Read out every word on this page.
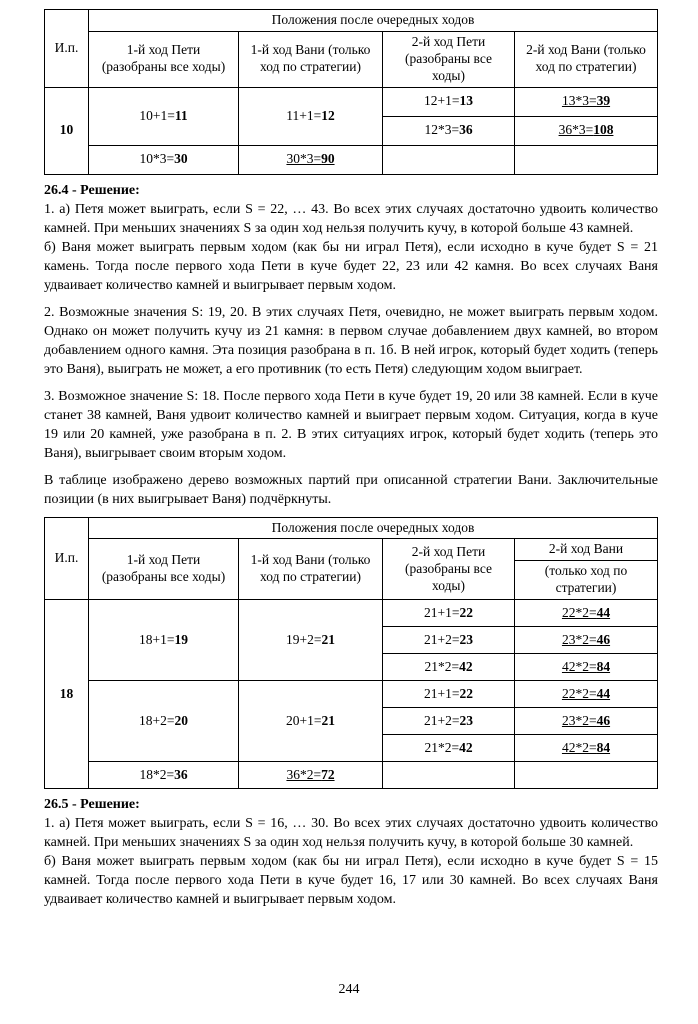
И.п.	Положения после очередных ходов			
	1-й ход Пети (разобраны все ходы)	1-й ход Вани (только ход по стратегии)	2-й ход Пети (разобраны все ходы)	2-й ход Вани (только ход по стратегии)
10	10+1=11	11+1=12	12+1=13	13*3=39
			12*3=36	36*3=108
	10*3=30	30*3=90		
26.4 - Решение:

1. а) Петя может выиграть, если S = 22, … 43. Во всех этих случаях достаточно удвоить количество камней. При меньших значениях S за один ход нельзя получить кучу, в которой больше 43 камней.

б) Ваня может выиграть первым ходом (как бы ни играл Петя), если исходно в куче будет S = 21 камень. Тогда после первого хода Пети в куче будет 22, 23 или 42 камня. Во всех случаях Ваня удваивает количество камней и выигрывает первым ходом.

2. Возможные значения S: 19, 20. В этих случаях Петя, очевидно, не может выиграть первым ходом. Однако он может получить кучу из 21 камня: в первом случае добавлением двух камней, во втором добавлением одного камня. Эта позиция разобрана в п. 1б. В ней игрок, который будет ходить (теперь это Ваня), выиграть не может, а его противник (то есть Петя) следующим ходом выиграет.

3. Возможное значение S: 18. После первого хода Пети в куче будет 19, 20 или 38 камней. Если в куче станет 38 камней, Ваня удвоит количество камней и выиграет первым ходом. Ситуация, когда в куче 19 или 20 камней, уже разобрана в п. 2. В этих ситуациях игрок, который будет ходить (теперь это Ваня), выигрывает своим вторым ходом.

В таблице изображено дерево возможных партий при описанной стратегии Вани. Заключительные позиции (в них выигрывает Ваня) подчёркнуты.

И.п.	Положения после очередных ходов			
	1-й ход Пети (разобраны все ходы)	1-й ход Вани (только ход по стратегии)	2-й ход Пети (разобраны все ходы)	2-й ход Вани
				(только ход по стратегии)
18	18+1=19	19+2=21	21+1=22	22*2=44
			21+2=23	23*2=46
			21*2=42	42*2=84
	18+2=20	20+1=21	21+1=22	22*2=44
			21+2=23	23*2=46
			21*2=42	42*2=84
	18*2=36	36*2=72		
26.5 - Решение:

1. а) Петя может выиграть, если S = 16, … 30. Во всех этих случаях достаточно удвоить количество камней. При меньших значениях S за один ход нельзя получить кучу, в которой больше 30 камней.

б) Ваня может выиграть первым ходом (как бы ни играл Петя), если исходно в куче будет S = 15 камней. Тогда после первого хода Пети в куче будет 16, 17 или 30 камней. Во всех случаях Ваня удваивает количество камней и выигрывает первым ходом.

244
